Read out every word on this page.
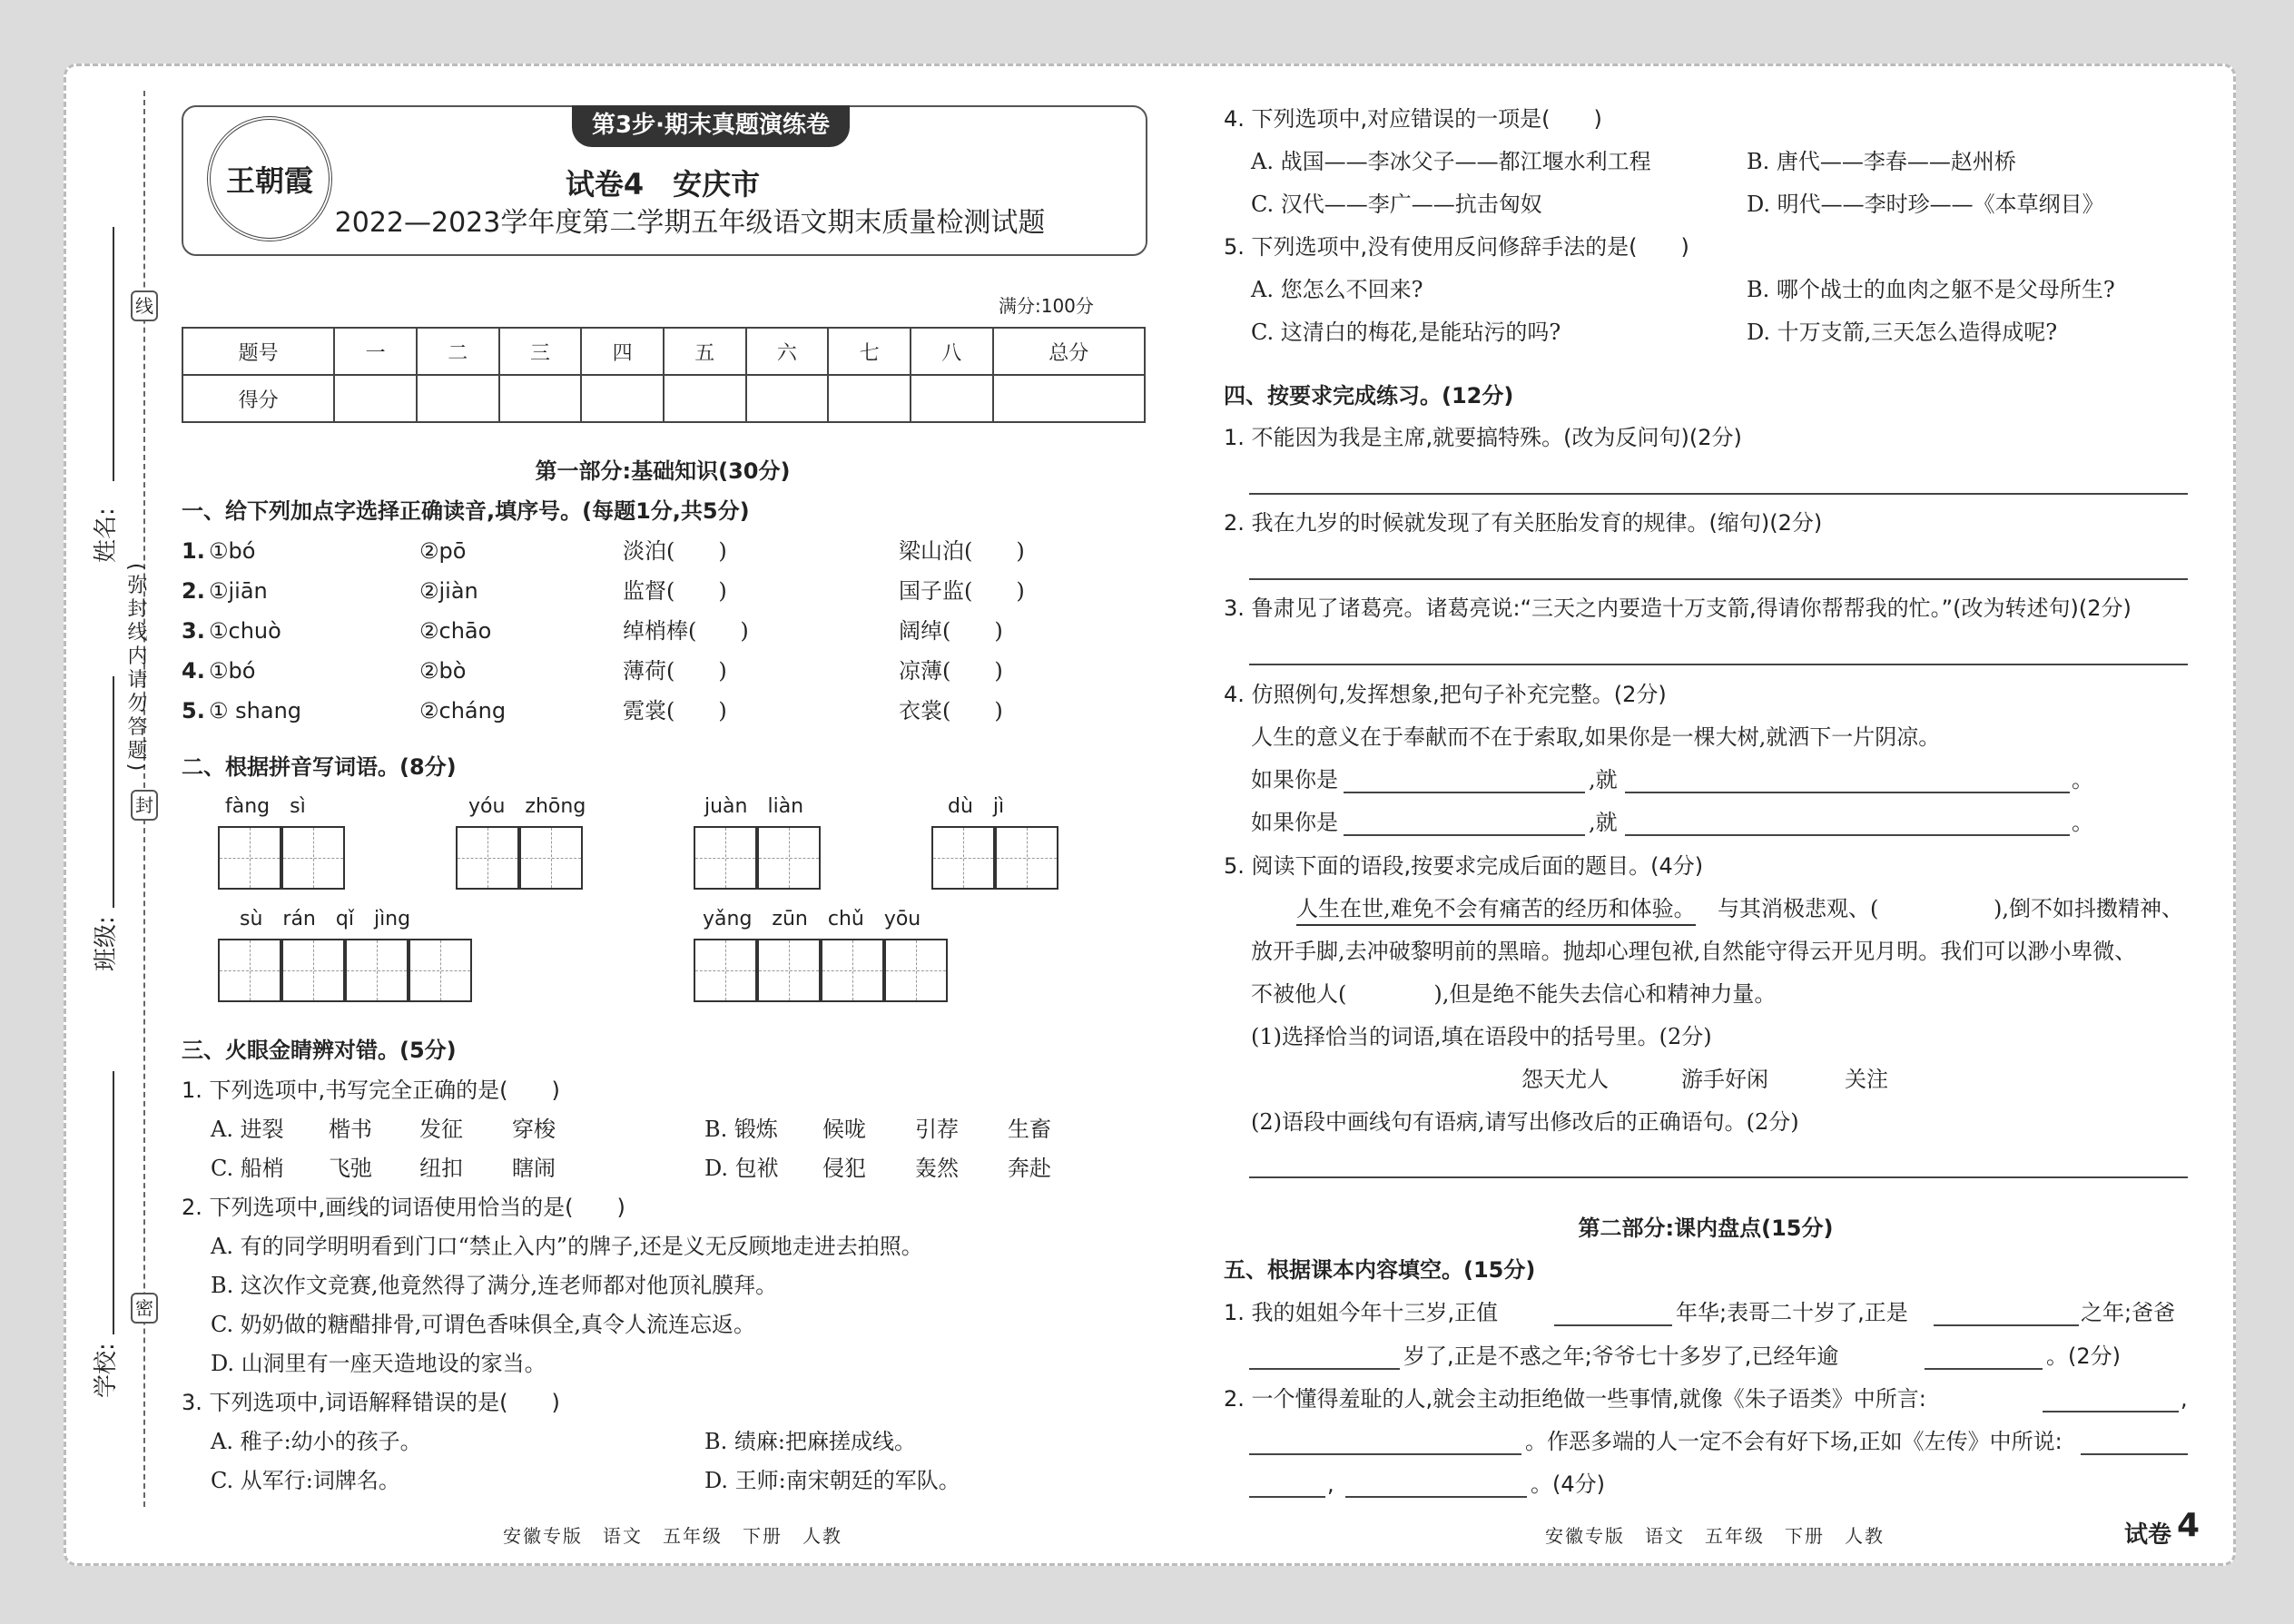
线
封
密
(弥封线内请勿答题)
姓名:
班级:
学校:
王朝霞
第3步·期末真题演练卷
试卷4　安庆市
2022—2023学年度第二学期五年级语文期末质量检测试题
满分:100分
题号	一	二	三	四	五	六	七	八	总分
得分									
第一部分:基础知识(30分)
一、给下列加点字选择正确读音,填序号。(每题1分,共5分)
1. ①bó	②pō	淡泊(　　)	梁山泊(　　)
2. ①jiān	②jiàn	监督(　　)	国子监(　　)
3. ①chuò	②chāo	绰梢棒(　　)	阔绰(　　)
4. ①bó	②bò	薄荷(　　)	凉薄(　　)
5. ① shang	②cháng	霓裳(　　)	衣裳(　　)
二、根据拼音写词语。(8分)
fàng　sì	yóu　zhōng	juàn　liàn	dù　jì
sù　rán　qǐ　jìng	yǎng　zūn　chǔ　yōu
三、火眼金睛辨对错。(5分)
1. 下列选项中,书写完全正确的是(　　)
A. 进裂 楷书 发征 穿梭	B. 锻炼 候咙 引荐 生畜
C. 船梢 飞弛 纽扣 瞎闹	D. 包袱 侵犯 轰然 奔赴
2. 下列选项中,画线的词语使用恰当的是(　　)
A. 有的同学明明看到门口“禁止入内”的牌子,还是义无反顾地走进去拍照。
B. 这次作文竞赛,他竟然得了满分,连老师都对他顶礼膜拜。
C. 奶奶做的糖醋排骨,可谓色香味俱全,真令人流连忘返。
D. 山洞里有一座天造地设的家当。
3. 下列选项中,词语解释错误的是(　　)
A. 稚子:幼小的孩子。	B. 绩麻:把麻搓成线。
C. 从军行:词牌名。	D. 王师:南宋朝廷的军队。
4. 下列选项中,对应错误的一项是(　　)
A. 战国——李冰父子——都江堰水利工程	B. 唐代——李春——赵州桥
C. 汉代——李广——抗击匈奴	D. 明代——李时珍——《本草纲目》
5. 下列选项中,没有使用反问修辞手法的是(　　)
A. 您怎么不回来?	B. 哪个战士的血肉之躯不是父母所生?
C. 这清白的梅花,是能玷污的吗?	D. 十万支箭,三天怎么造得成呢?
四、按要求完成练习。(12分)
1. 不能因为我是主席,就要搞特殊。(改为反问句)(2分)
2. 我在九岁的时候就发现了有关胚胎发育的规律。(缩句)(2分)
3. 鲁肃见了诸葛亮。诸葛亮说:“三天之内要造十万支箭,得请你帮帮我的忙。”(改为转述句)(2分)
4. 仿照例句,发挥想象,把句子补充完整。(2分)
人生的意义在于奉献而不在于索取,如果你是一棵大树,就洒下一片阴凉。
如果你是	,就	。
如果你是	,就	。
5. 阅读下面的语段,按要求完成后面的题目。(4分)
人生在世,难免不会有痛苦的经历和体验。 与其消极悲观、(	),倒不如抖擞精神、
放开手脚,去冲破黎明前的黑暗。抛却心理包袱,自然能守得云开见月明。我们可以渺小卑微、
不被他人(　　　　),但是绝不能失去信心和精神力量。
(1)选择恰当的词语,填在语段中的括号里。(2分)
怨天尤人	游手好闲	关注
(2)语段中画线句有语病,请写出修改后的正确语句。(2分)
第二部分:课内盘点(15分)
五、根据课本内容填空。(15分)
1. 我的姐姐今年十三岁,正值	年华;表哥二十岁了,正是	之年;爸爸
岁了,正是不惑之年;爷爷七十多岁了,已经年逾	。(2分)
2. 一个懂得羞耻的人,就会主动拒绝做一些事情,就像《朱子语类》中所言:	,
。作恶多端的人一定不会有好下场,正如《左传》中所说:
,	。(4分)
安徽专版　语文　五年级　下册　人教	安徽专版　语文　五年级　下册　人教	试卷 4
